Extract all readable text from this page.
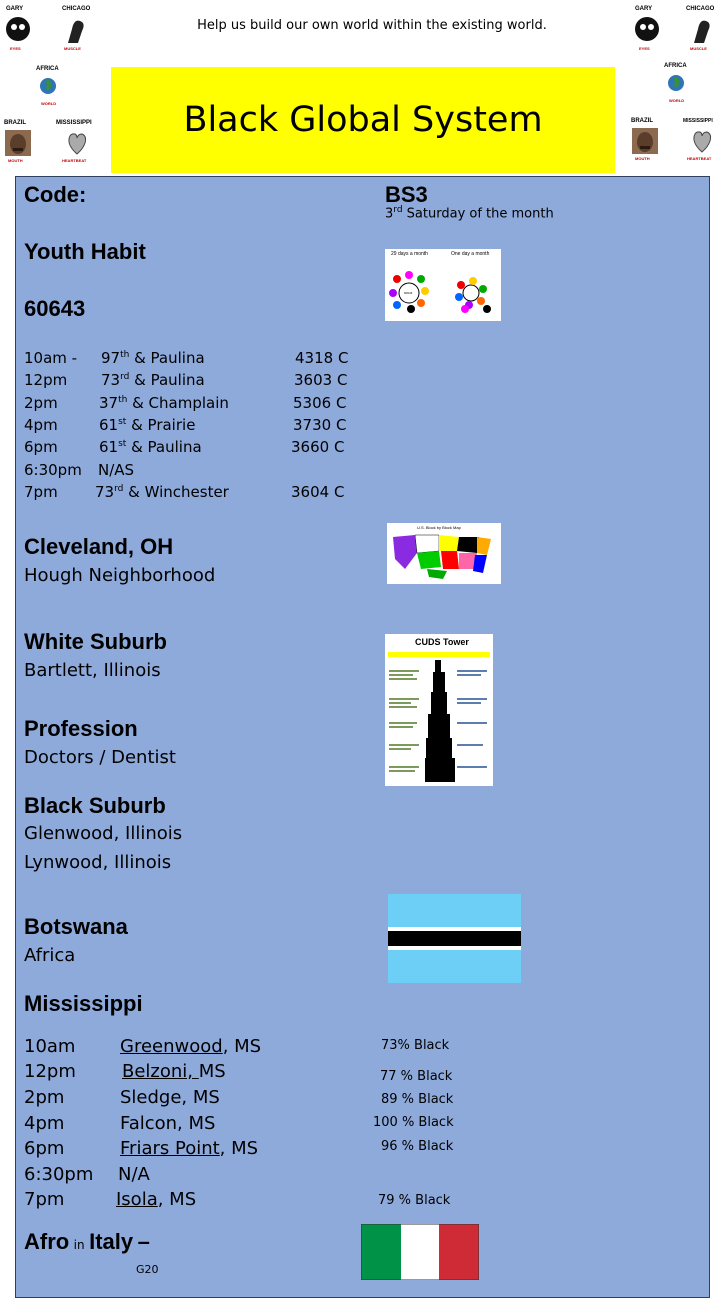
Help us build our own world within the existing world.
GARY
EYES
CHICAGO
MUSCLE
AFRICA
WORLD
BRAZIL
MOUTH
MISSISSIPPI
HEARTBEAT
GARY
EYES
CHICAGO
MUSCLE
AFRICA
WORLD
BRAZIL
MOUTH
MISSISSIPPI
HEARTBEAT
Black Global System
Code:	BS3
3rd Saturday of the month
Youth Habit	29 days a month	One day a month
60643
60643
10am - 97th & Paulina	4318 C
12pm 73rd & Paulina	3603 C
2pm	37th & Champlain	5306 C
4pm	61st & Prairie	3730 C
6pm	61st & Paulina	3660 C
6:30pm N/AS
7pm 73rd & Winchester	3604 C
Cleveland, OH
Hough Neighborhood
U.S. Block by Block Map
White Suburb
Bartlett, Illinois
CUDS Tower
Profession
Doctors / Dentist
Black Suburb
Glenwood, Illinois
Lynwood, Illinois
Botswana
Africa
Mississippi
10am Greenwood, MS	73% Black
12pm	Belzoni, MS	77 % Black
2pm	Sledge, MS	89 % Black
4pm	Falcon, MS	100 % Black
6pm	Friars Point, MS	96 % Black
6:30pm N/A
7pm	Isola, MS	79 % Black
Afro in Italy –
G20
